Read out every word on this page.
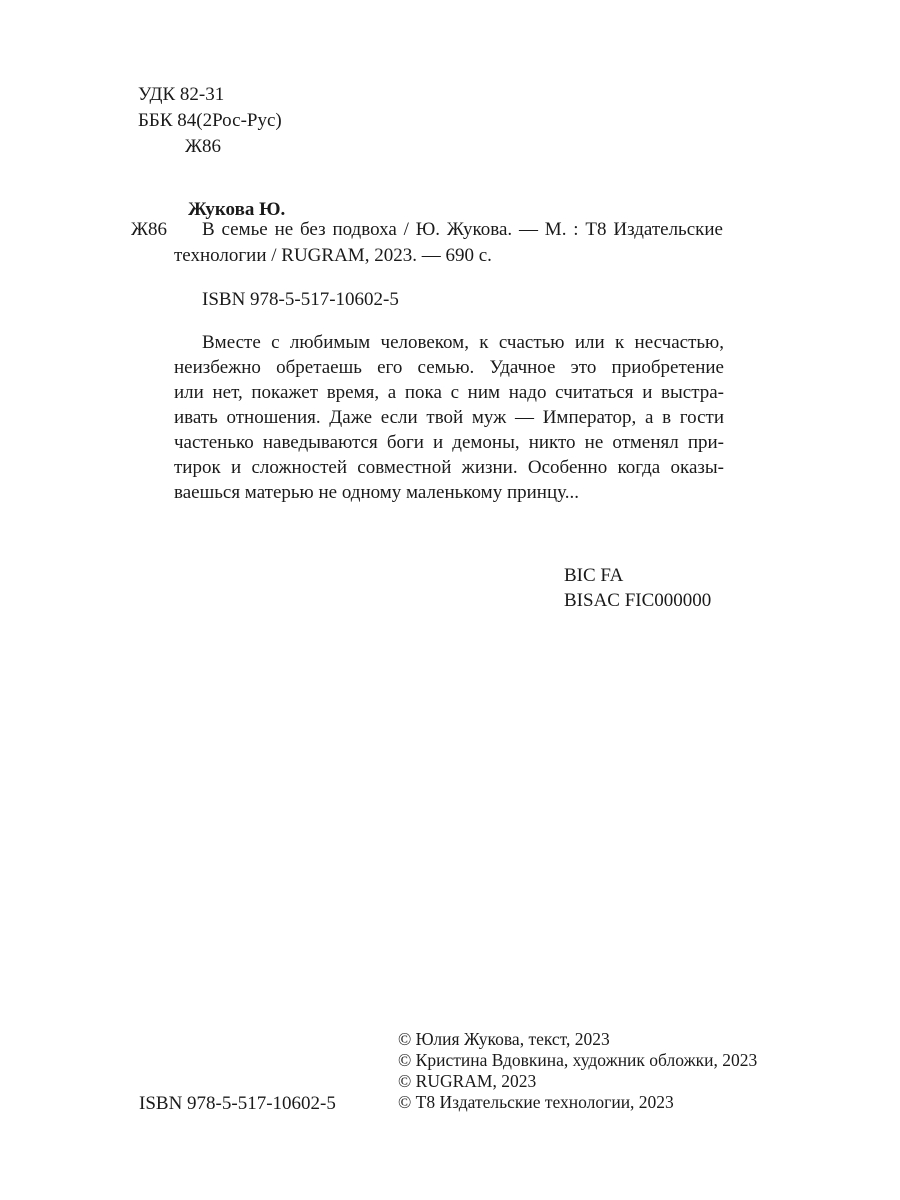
УДК 82-31
ББК 84(2Рос-Рус)
Ж86
Жукова Ю.
Ж86 В семье не без подвоха / Ю. Жукова. — М. : Т8 Издательские
технологии / RUGRAM, 2023. — 690 с.
ISBN 978-5-517-10602-5
Вместе с любимым человеком, к счастью или к несчастью,
неизбежно обретаешь его семью. Удачное это приобретение
или нет, покажет время, а пока с ним надо считаться и выстра-
ивать отношения. Даже если твой муж — Император, а в гости
частенько наведываются боги и демоны, никто не отменял при-
тирок и сложностей совместной жизни. Особенно когда оказы-
ваешься матерью не одному маленькому принцу...
BIC FA
BISAC FIC000000
© Юлия Жукова, текст, 2023
© Кристина Вдовкина, художник обложки, 2023
© RUGRAM, 2023
© Т8 Издательские технологии, 2023
ISBN 978-5-517-10602-5
